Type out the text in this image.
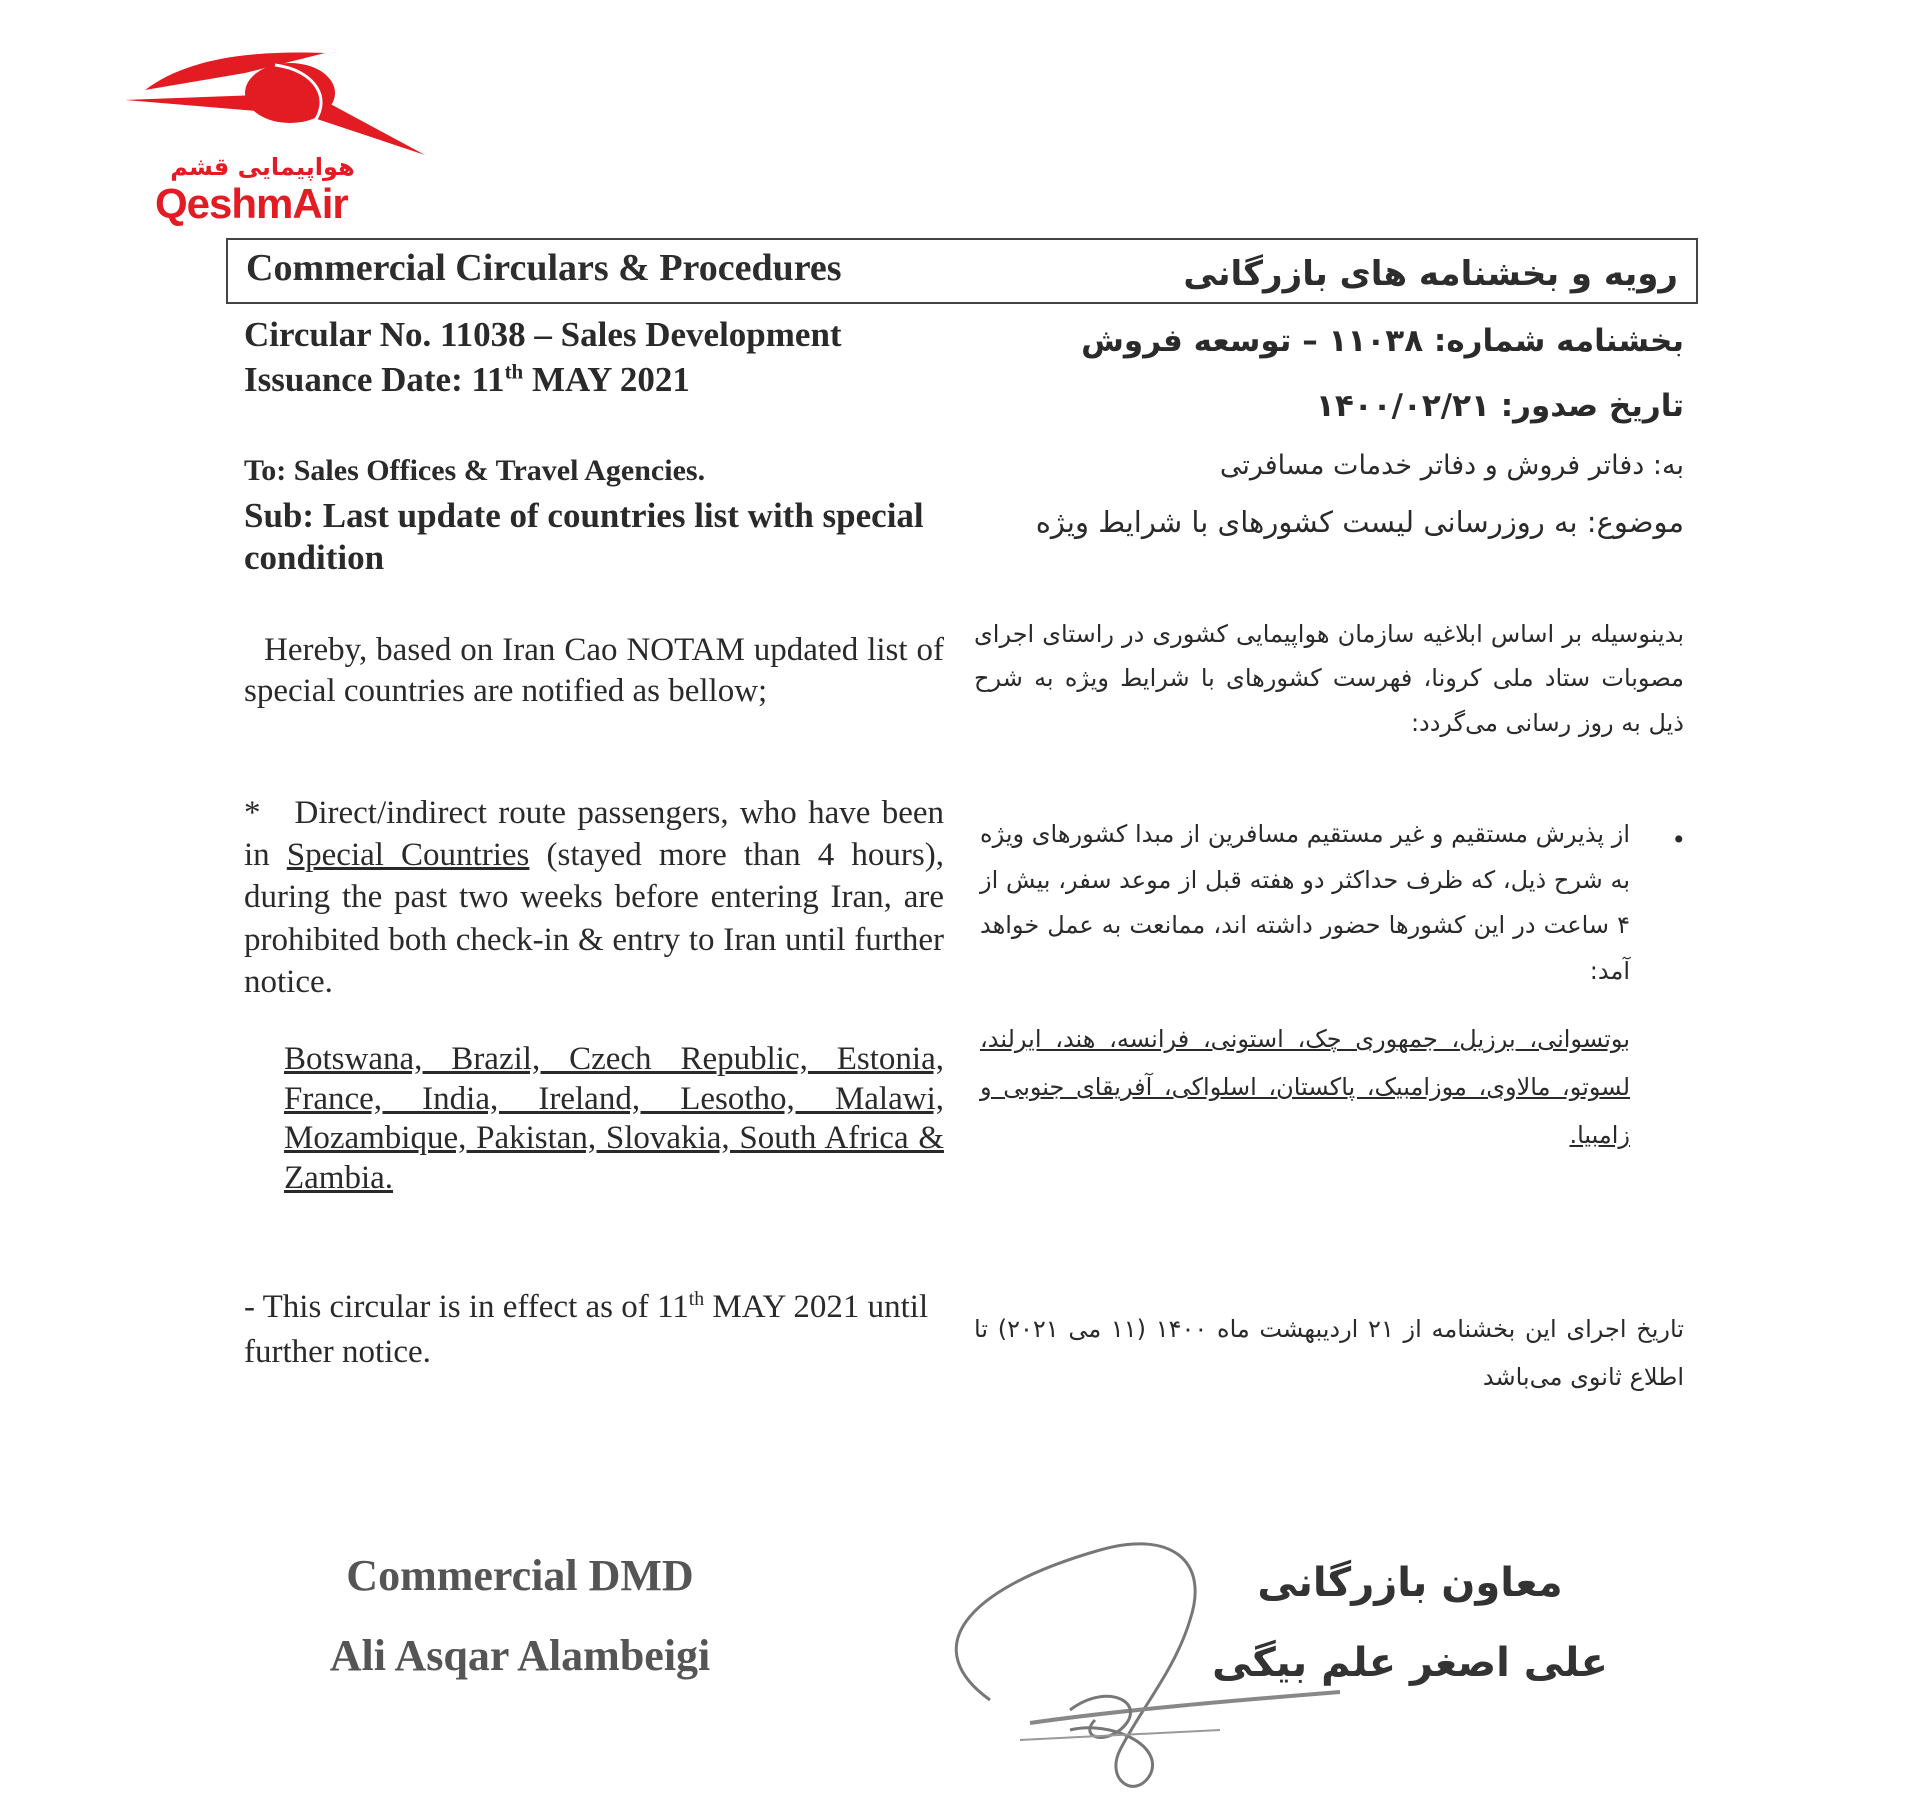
هواپیمایی قشم
QeshmAir
Commercial Circulars & Procedures	رویه و بخشنامه های بازرگانی
Circular No. 11038 – Sales Development
Issuance Date: 11th MAY 2021
بخشنامه شماره: ۱۱۰۳۸ – توسعه فروش
تاریخ صدور: ۱۴۰۰/۰۲/۲۱
To: Sales Offices & Travel Agencies.
Sub: Last update of countries list with special condition
به: دفاتر فروش و دفاتر خدمات مسافرتی
موضوع: به روزرسانی لیست کشورهای با شرایط ویژه
Hereby, based on Iran Cao NOTAM updated list of special countries are notified as bellow;
بدینوسیله بر اساس ابلاغیه سازمان هواپیمایی کشوری در راستای اجرای مصوبات ستاد ملی کرونا، فهرست کشورهای با شرایط ویژه به شرح ذیل به روز رسانی می‌گردد:
* Direct/indirect route passengers, who have been in Special Countries (stayed more than 4 hours), during the past two weeks before entering Iran, are prohibited both check-in & entry to Iran until further notice.
•
از پذیرش مستقیم و غیر مستقیم مسافرین از مبدا کشورهای ویژه به شرح ذیل، که ظرف حداکثر دو هفته قبل از موعد سفر، بیش از ۴ ساعت در این کشورها حضور داشته اند، ممانعت به عمل خواهد آمد:
Botswana, Brazil, Czech Republic, Estonia, France, India, Ireland, Lesotho, Malawi, Mozambique, Pakistan, Slovakia, South Africa & Zambia.
بوتسوانی، برزیل، جمهوری چک، استونی، فرانسه، هند، ایرلند، لسوتو، مالاوی، موزامبیک، پاکستان، اسلواکی، آفریقای جنوبی و زامبیا.
- This circular is in effect as of 11th MAY 2021 until further notice.
تاریخ اجرای این بخشنامه از ۲۱ اردیبهشت ماه ۱۴۰۰ (۱۱ می ۲۰۲۱) تا اطلاع ثانوی می‌باشد
Commercial DMD
Ali Asqar Alambeigi
معاون بازرگانی
علی اصغر علم بیگی
